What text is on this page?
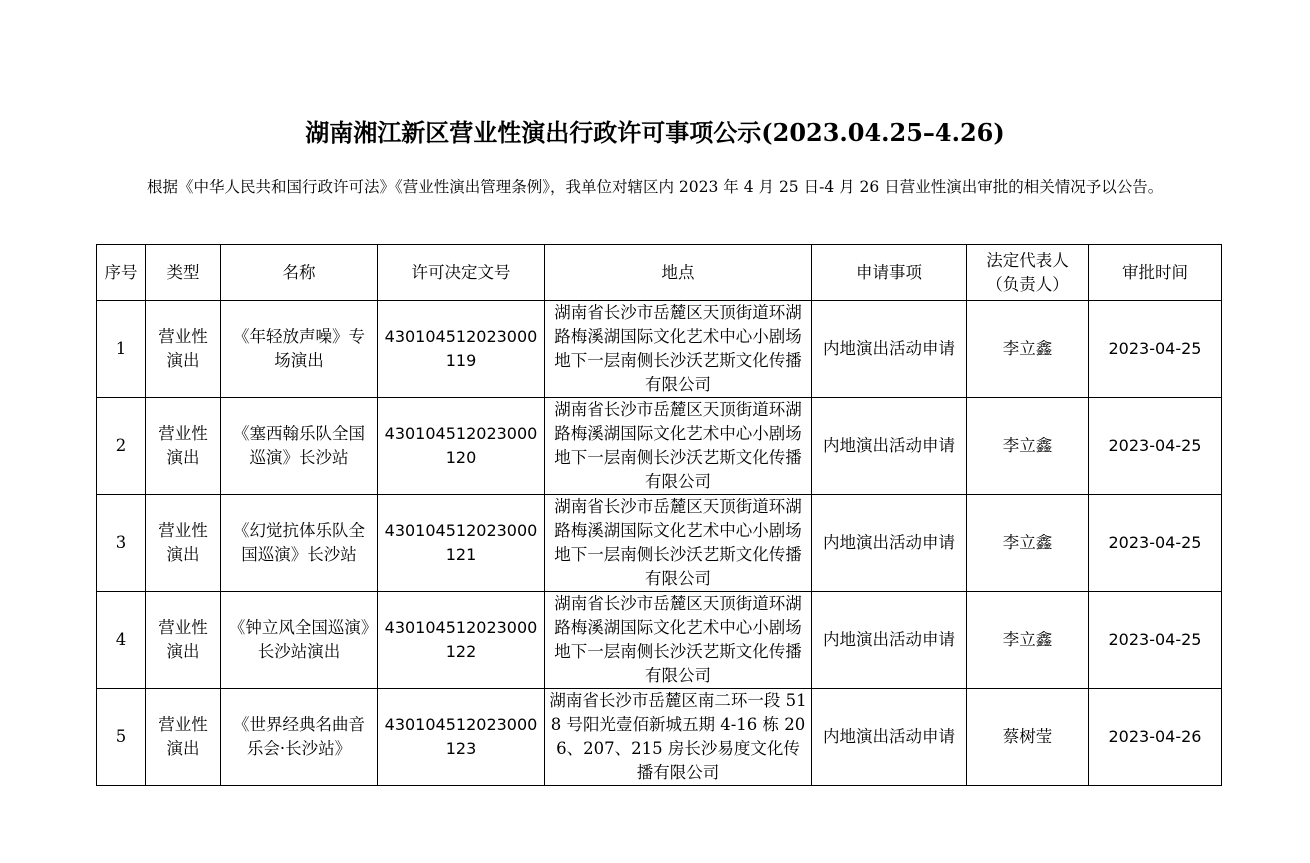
湖南湘江新区营业性演出行政许可事项公示(2023.04.25–4.26)

根据《中华人民共和国行政许可法》《营业性演出管理条例》，我单位对辖区内 2023 年 4 月 25 日-4 月 26 日营业性演出审批的相关情况予以公告。

序号	类型	名称	许可决定文号	地点	申请事项	法定代表人（负责人）	审批时间
1	营业性演出	《年轻放声噪》专场演出	430104512023000119	湖南省长沙市岳麓区天顶街道环湖路梅溪湖国际文化艺术中心小剧场地下一层南侧长沙沃艺斯文化传播有限公司	内地演出活动申请	李立鑫	2023-04-25
2	营业性演出	《塞西翰乐队全国巡演》长沙站	430104512023000120	湖南省长沙市岳麓区天顶街道环湖路梅溪湖国际文化艺术中心小剧场地下一层南侧长沙沃艺斯文化传播有限公司	内地演出活动申请	李立鑫	2023-04-25
3	营业性演出	《幻觉抗体乐队全国巡演》长沙站	430104512023000121	湖南省长沙市岳麓区天顶街道环湖路梅溪湖国际文化艺术中心小剧场地下一层南侧长沙沃艺斯文化传播有限公司	内地演出活动申请	李立鑫	2023-04-25
4	营业性演出	《钟立风全国巡演》长沙站演出	430104512023000122	湖南省长沙市岳麓区天顶街道环湖路梅溪湖国际文化艺术中心小剧场地下一层南侧长沙沃艺斯文化传播有限公司	内地演出活动申请	李立鑫	2023-04-25
5	营业性演出	《世界经典名曲音乐会·长沙站》	430104512023000123	湖南省长沙市岳麓区南二环一段 518 号阳光壹佰新城五期 4-16 栋 206、207、215 房长沙易度文化传播有限公司	内地演出活动申请	蔡树莹	2023-04-26
